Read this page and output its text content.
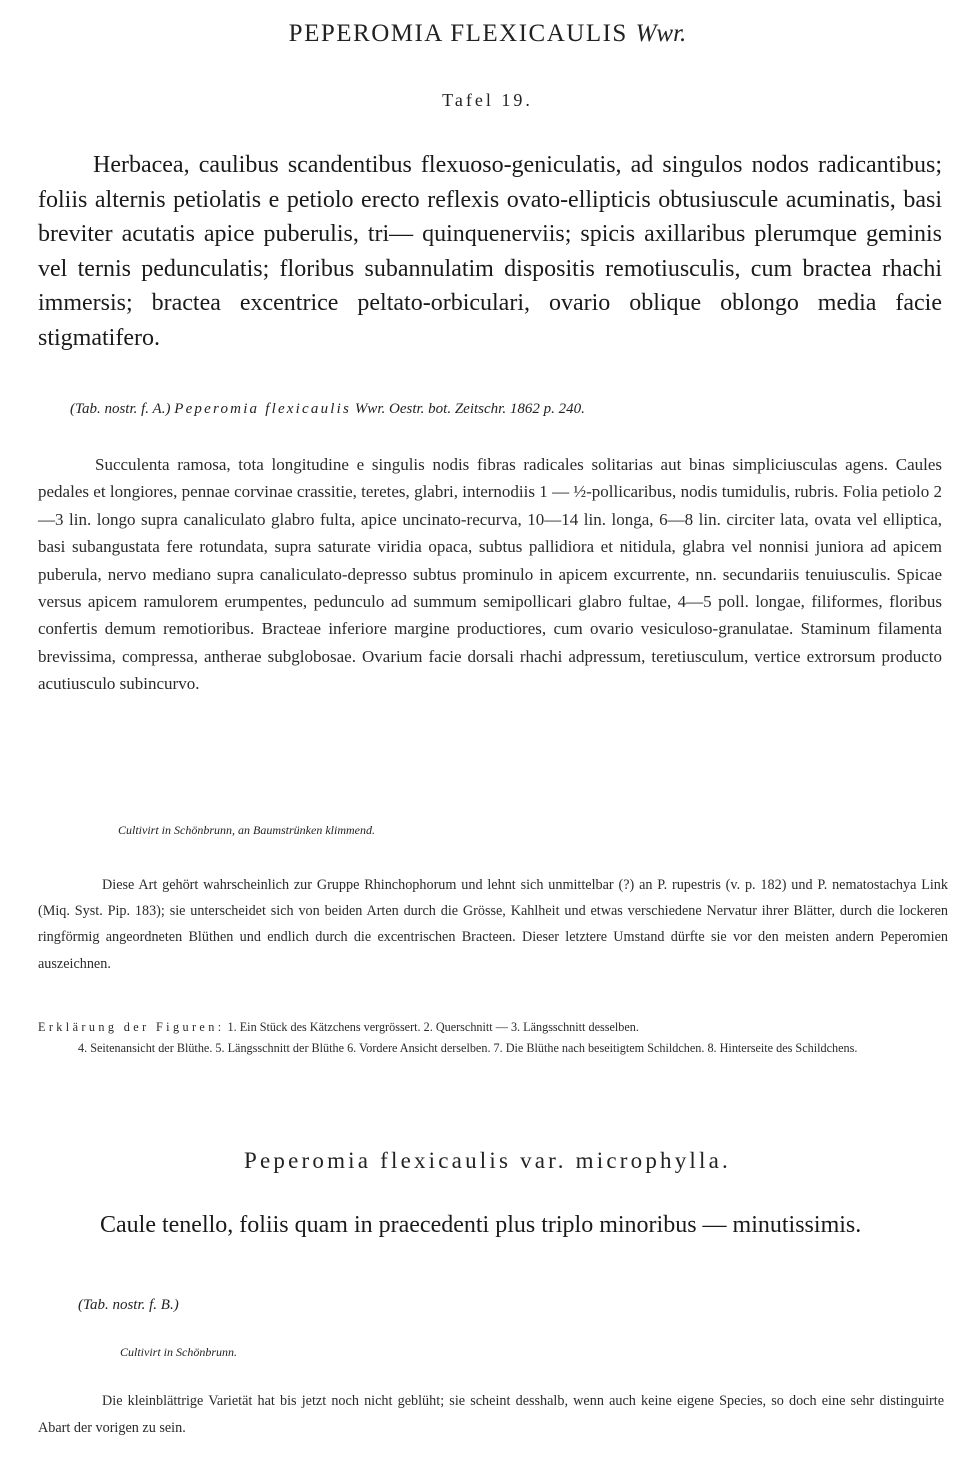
PEPEROMIA FLEXICAULIS Wwr.
Tafel 19.

Herbacea, caulibus scandentibus flexuoso-geniculatis, ad singulos nodos radicantibus; foliis alternis petiolatis e petiolo erecto reflexis ovato-ellipticis obtusiuscule acuminatis, basi breviter acutatis apice puberulis, tri— quinquenerviis; spicis axillaribus plerumque geminis vel ternis pedunculatis; floribus subannulatim dispositis remotiusculis, cum bractea rhachi immersis; bractea excentrice peltato-orbiculari, ovario oblique oblongo media facie stigmatifero.

(Tab. nostr. f. A.) Peperomia flexicaulis Wwr. Oestr. bot. Zeitschr. 1862 p. 240.

Succulenta ramosa, tota longitudine e singulis nodis fibras radicales solitarias aut binas simpliciusculas agens. Caules pedales et longiores, pennae corvinae crassitie, teretes, glabri, internodiis 1 — ½-pollicaribus, nodis tumidulis, rubris. Folia petiolo 2—3 lin. longo supra canaliculato glabro fulta, apice uncinato-recurva, 10—14 lin. longa, 6—8 lin. circiter lata, ovata vel elliptica, basi subangustata fere rotundata, supra saturate viridia opaca, subtus pallidiora et nitidula, glabra vel nonnisi juniora ad apicem puberula, nervo mediano supra canaliculato-depresso subtus prominulo in apicem excurrente, nn. secundariis tenuiusculis. Spicae versus apicem ramulorem erumpentes, pedunculo ad summum semipollicari glabro fultae, 4—5 poll. longae, filiformes, floribus confertis demum remotioribus. Bracteae inferiore margine productiores, cum ovario vesiculoso-granulatae. Staminum filamenta brevissima, compressa, antherae subglobosae. Ovarium facie dorsali rhachi adpressum, teretiusculum, vertice extrorsum producto acutiusculo subincurvo.

Cultivirt in Schönbrunn, an Baumstrünken klimmend.

Diese Art gehört wahrscheinlich zur Gruppe Rhinchophorum und lehnt sich unmittelbar (?) an P. rupestris (v. p. 182) und P. nematostachya Link (Miq. Syst. Pip. 183); sie unterscheidet sich von beiden Arten durch die Grösse, Kahlheit und etwas verschiedene Nervatur ihrer Blätter, durch die lockeren ringförmig angeordneten Blüthen und endlich durch die excentrischen Bracteen. Dieser letztere Umstand dürfte sie vor den meisten andern Peperomien auszeichnen.

Erklärung der Figuren: 1. Ein Stück des Kätzchens vergrössert. 2. Querschnitt — 3. Längsschnitt desselben.
4. Seitenansicht der Blüthe. 5. Längsschnitt der Blüthe 6. Vordere Ansicht derselben. 7. Die Blüthe nach beseitigtem Schildchen. 8. Hinterseite des Schildchens.
Peperomia flexicaulis var. microphylla.

Caule tenello, foliis quam in praecedenti plus triplo minoribus — minutissimis.

(Tab. nostr. f. B.)
Cultivirt in Schönbrunn.

Die kleinblättrige Varietät hat bis jetzt noch nicht geblüht; sie scheint desshalb, wenn auch keine eigene Species, so doch eine sehr distinguirte Abart der vorigen zu sein.
